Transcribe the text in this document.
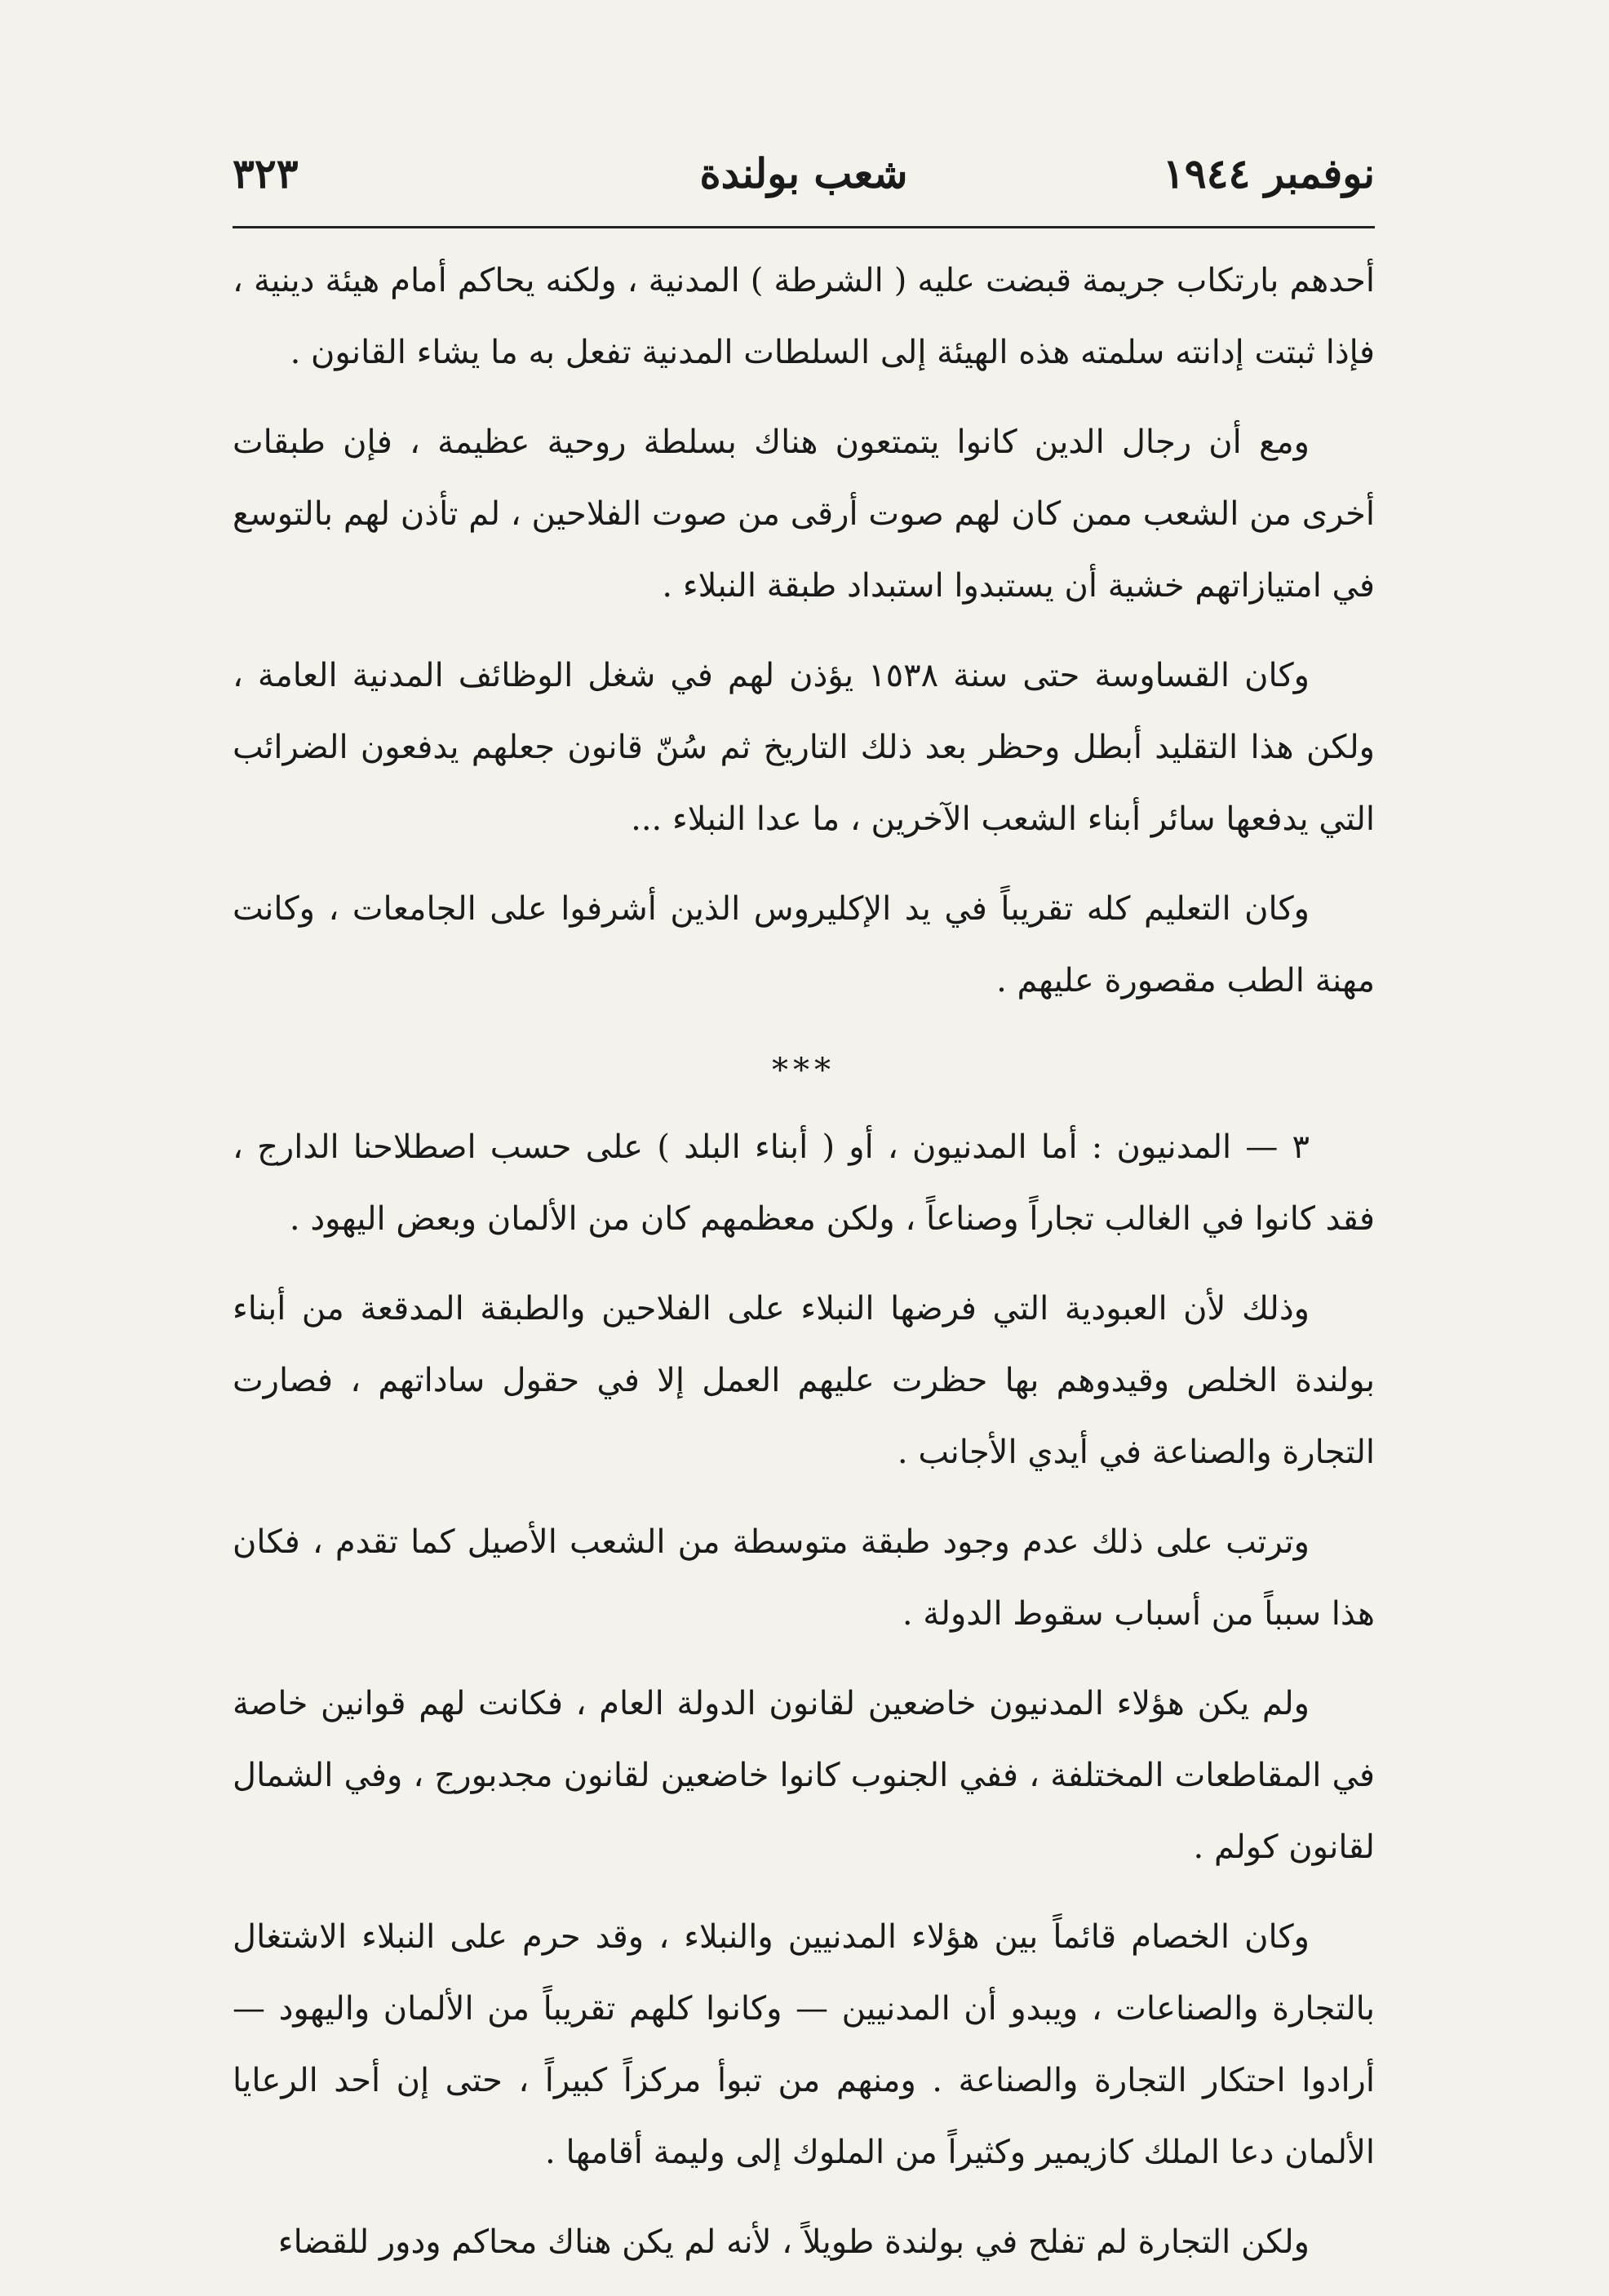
نوفمبر ١٩٤٤
شعب بولندة
٣٢٣

أحدهم بارتكاب جريمة قبضت عليه ( الشرطة ) المدنية ، ولكنه يحاكم أمام هيئة دينية ، فإذا ثبتت إدانته سلمته هذه الهيئة إلى السلطات المدنية تفعل به ما يشاء القانون .

ومع أن رجال الدين كانوا يتمتعون هناك بسلطة روحية عظيمة ، فإن طبقات أخرى من الشعب ممن كان لهم صوت أرقى من صوت الفلاحين ، لم تأذن لهم بالتوسع في امتيازاتهم خشية أن يستبدوا استبداد طبقة النبلاء .

وكان القساوسة حتى سنة ١٥٣٨ يؤذن لهم في شغل الوظائف المدنية العامة ، ولكن هذا التقليد أبطل وحظر بعد ذلك التاريخ ثم سُنّ قانون جعلهم يدفعون الضرائب التي يدفعها سائر أبناء الشعب الآخرين ، ما عدا النبلاء ...

وكان التعليم كله تقريباً في يد الإكليروس الذين أشرفوا على الجامعات ، وكانت مهنة الطب مقصورة عليهم .

***

٣ — المدنيون : أما المدنيون ، أو ( أبناء البلد ) على حسب اصطلاحنا الدارج ، فقد كانوا في الغالب تجاراً وصناعاً ، ولكن معظمهم كان من الألمان وبعض اليهود .

وذلك لأن العبودية التي فرضها النبلاء على الفلاحين والطبقة المدقعة من أبناء بولندة الخلص وقيدوهم بها حظرت عليهم العمل إلا في حقول ساداتهم ، فصارت التجارة والصناعة في أيدي الأجانب .

وترتب على ذلك عدم وجود طبقة متوسطة من الشعب الأصيل كما تقدم ، فكان هذا سبباً من أسباب سقوط الدولة .

ولم يكن هؤلاء المدنيون خاضعين لقانون الدولة العام ، فكانت لهم قوانين خاصة في المقاطعات المختلفة ، ففي الجنوب كانوا خاضعين لقانون مجدبورج ، وفي الشمال لقانون كولم .

وكان الخصام قائماً بين هؤلاء المدنيين والنبلاء ، وقد حرم على النبلاء الاشتغال بالتجارة والصناعات ، ويبدو أن المدنيين — وكانوا كلهم تقريباً من الألمان واليهود — أرادوا احتكار التجارة والصناعة . ومنهم من تبوأ مركزاً كبيراً ، حتى إن أحد الرعايا الألمان دعا الملك كازيمير وكثيراً من الملوك إلى وليمة أقامها .

ولكن التجارة لم تفلح في بولندة طويلاً ، لأنه لم يكن هناك محاكم ودور للقضاء
